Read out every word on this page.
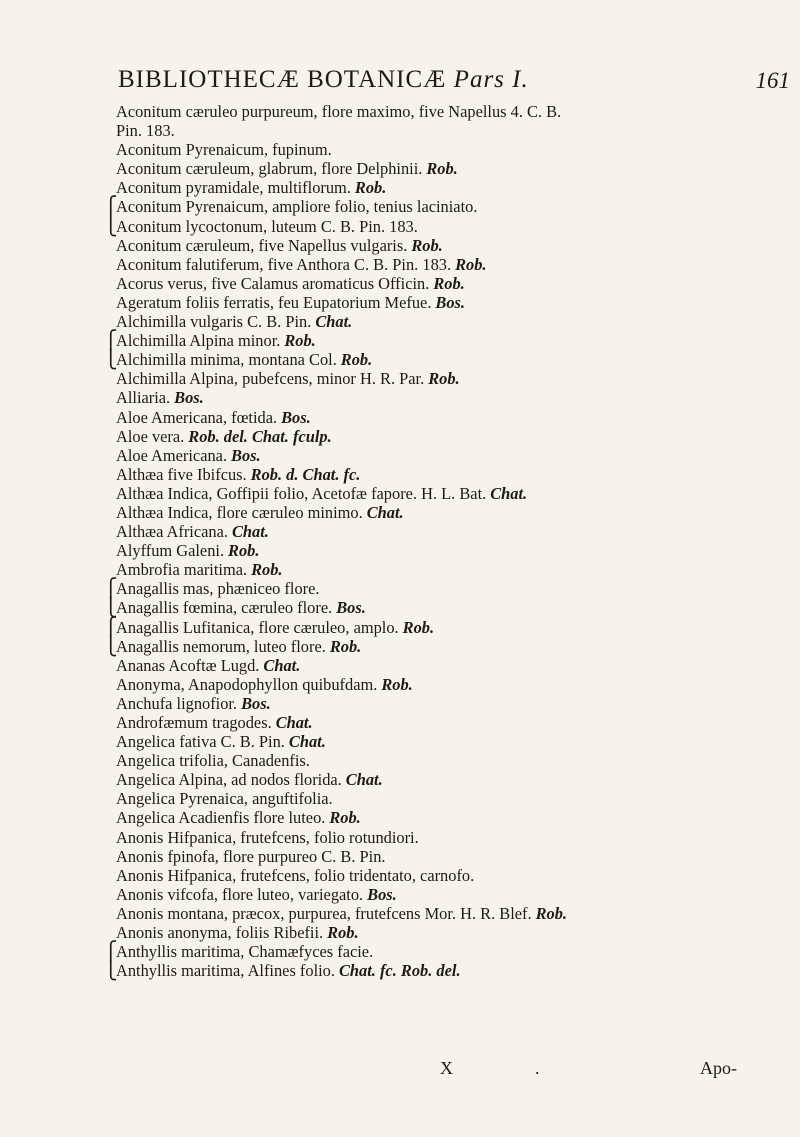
BIBLIOTHECÆ BOTANICÆ Pars I.	161
Aconitum cæruleo purpureum, flore maximo, five Napellus 4. C. B.
Pin. 183.
Aconitum Pyrenaicum, fupinum.
Aconitum cæruleum, glabrum, flore Delphinii. Rob.
Aconitum pyramidale, multiflorum. Rob.
⎧
Aconitum Pyrenaicum, ampliore folio, tenius laciniato.
⎩
Aconitum lycoctonum, luteum C. B. Pin. 183.
Aconitum cæruleum, five Napellus vulgaris. Rob.
Aconitum falutiferum, five Anthora C. B. Pin. 183. Rob.
Acorus verus, five Calamus aromaticus Officin. Rob.
Ageratum foliis ferratis, feu Eupatorium Mefue. Bos.
Alchimilla vulgaris C. B. Pin. Chat.
⎧
Alchimilla Alpina minor. Rob.
⎩
Alchimilla minima, montana Col. Rob.
Alchimilla Alpina, pubefcens, minor H. R. Par. Rob.
Alliaria. Bos.
Aloe Americana, fœtida. Bos.
Aloe vera. Rob. del. Chat. fculp.
Aloe Americana. Bos.
Althæa five Ibifcus. Rob. d. Chat. fc.
Althæa Indica, Goffipii folio, Acetofæ fapore. H. L. Bat. Chat.
Althæa Indica, flore cæruleo minimo. Chat.
Althæa Africana. Chat.
Alyffum Galeni. Rob.
Ambrofia maritima. Rob.
⎧
Anagallis mas, phæniceo flore.
⎩
Anagallis fœmina, cæruleo flore. Bos.
⎧
Anagallis Lufitanica, flore cæruleo, amplo. Rob.
⎩
Anagallis nemorum, luteo flore. Rob.
Ananas Acoftæ Lugd. Chat.
Anonyma, Anapodophyllon quibufdam. Rob.
Anchufa lignofior. Bos.
Androfæmum tragodes. Chat.
Angelica fativa C. B. Pin. Chat.
Angelica trifolia, Canadenfis.
Angelica Alpina, ad nodos florida. Chat.
Angelica Pyrenaica, anguftifolia.
Angelica Acadienfis flore luteo. Rob.
Anonis Hifpanica, frutefcens, folio rotundiori.
Anonis fpinofa, flore purpureo C. B. Pin.
Anonis Hifpanica, frutefcens, folio tridentato, carnofo.
Anonis vifcofa, flore luteo, variegato. Bos.
Anonis montana, præcox, purpurea, frutefcens Mor. H. R. Blef. Rob.
Anonis anonyma, foliis Ribefii. Rob.
⎧
Anthyllis maritima, Chamæfyces facie.
⎩
Anthyllis maritima, Alfines folio. Chat. fc. Rob. del.
X	.	Apo-
